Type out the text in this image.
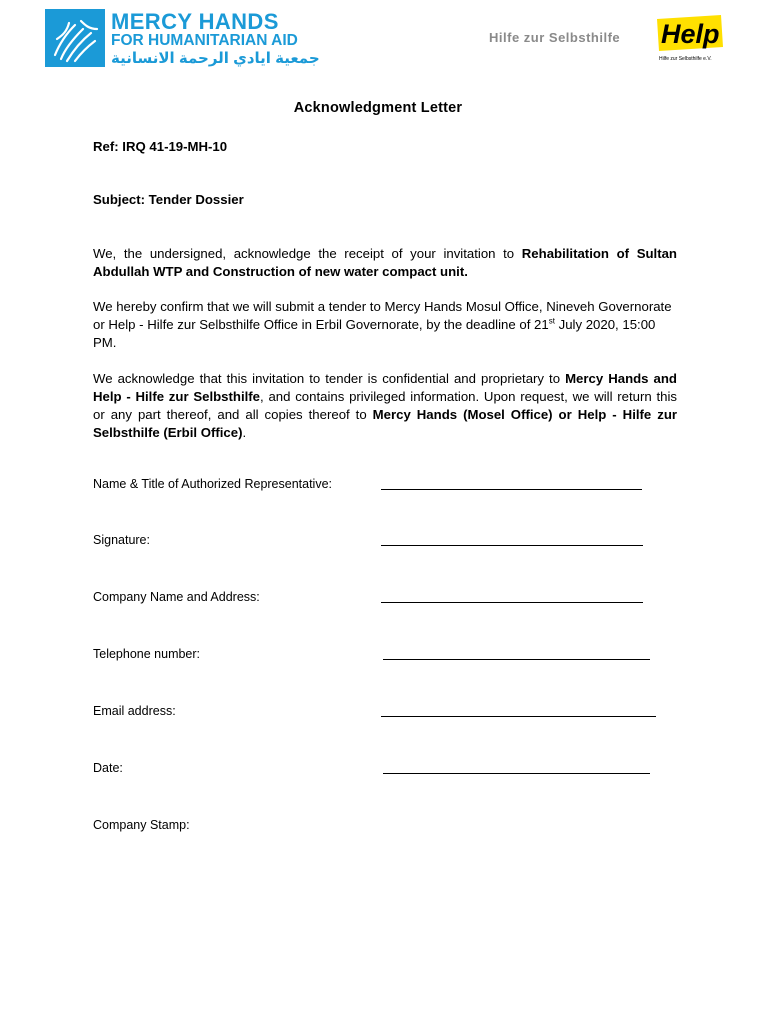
MERCY HANDS
FOR HUMANITARIAN AID
جمعية ايادي الرحمة الانسانية
Hilfe zur Selbsthilfe Help
Hilfe zur Selbsthilfe e.V.
Acknowledgment Letter
Ref: IRQ 41-19-MH-10
Subject: Tender Dossier
We, the undersigned, acknowledge the receipt of your invitation to Rehabilitation of Sultan Abdullah WTP and Construction of new water compact unit.
We hereby confirm that we will submit a tender to Mercy Hands Mosul Office, Nineveh Governorate or Help - Hilfe zur Selbsthilfe Office in Erbil Governorate, by the deadline of 21st July 2020, 15:00 PM.
We acknowledge that this invitation to tender is confidential and proprietary to Mercy Hands and Help - Hilfe zur Selbsthilfe, and contains privileged information. Upon request, we will return this or any part thereof, and all copies thereof to Mercy Hands (Mosel Office) or Help - Hilfe zur Selbsthilfe (Erbil Office).
Name & Title of Authorized Representative:
Signature:
Company Name and Address:
Telephone number:
Email address:
Date:
Company Stamp:
